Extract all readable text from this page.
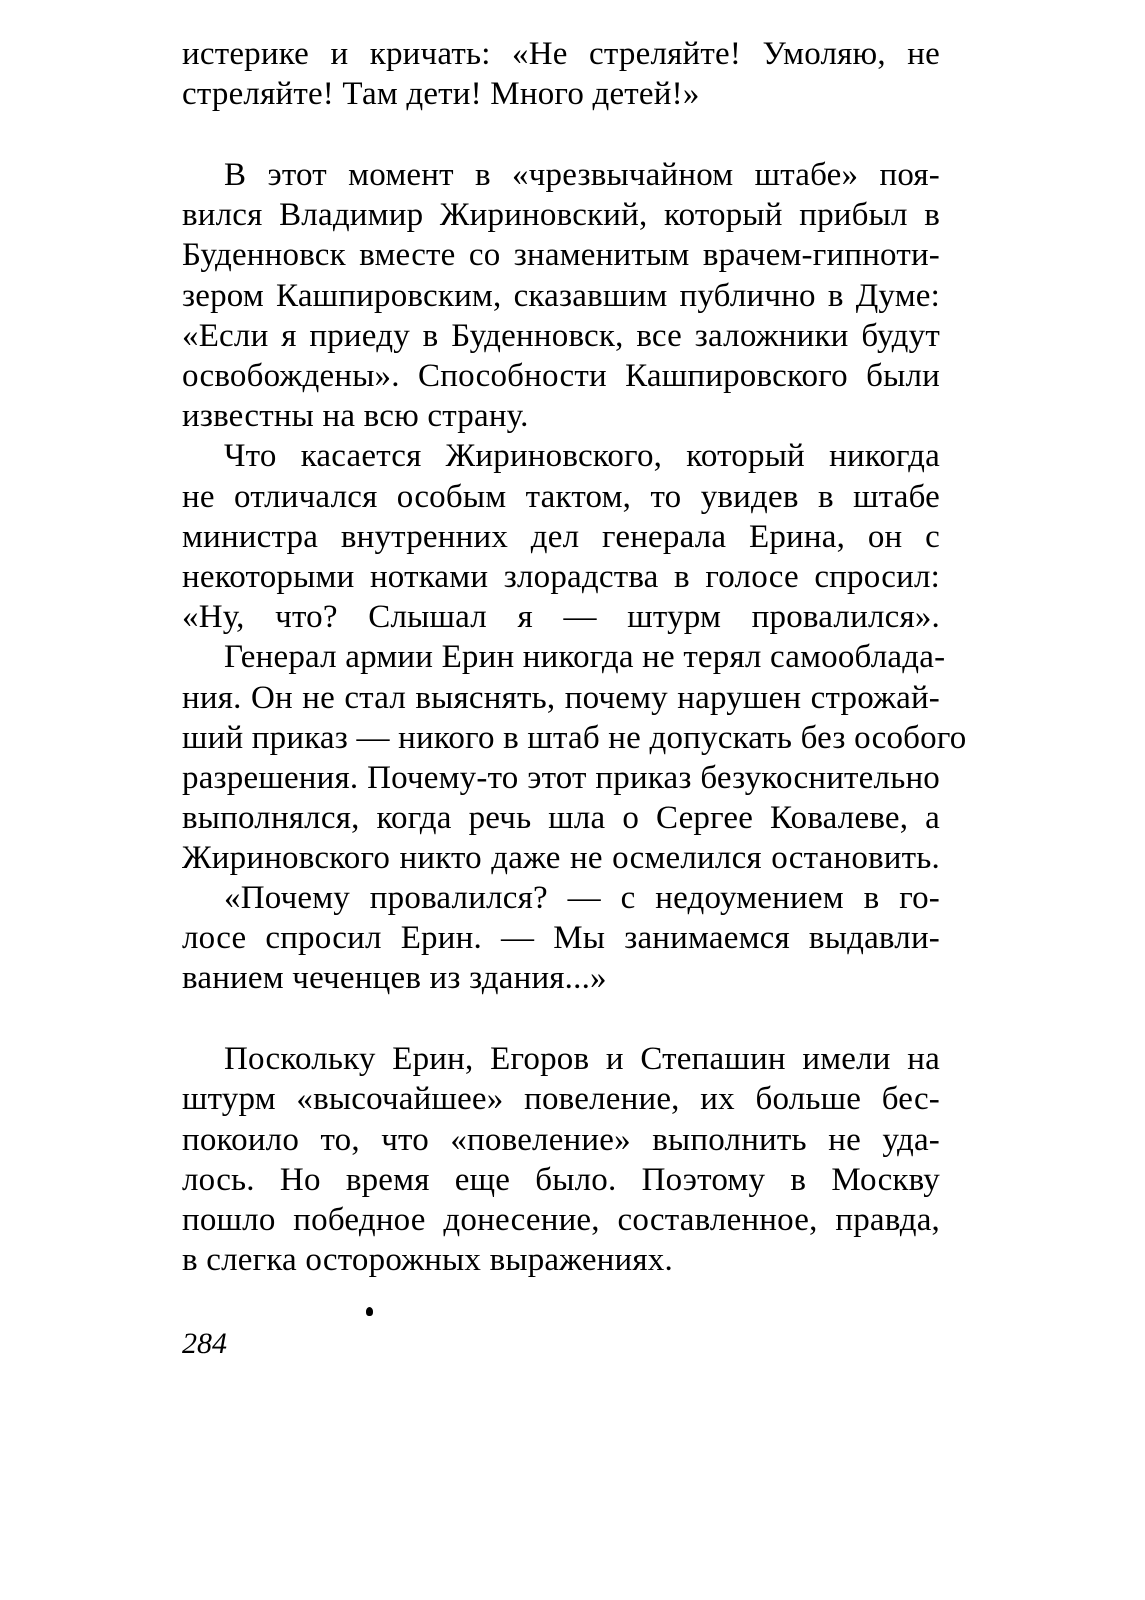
истерике и кричать: «Не стреляйте! Умоляю, не
стреляйте! Там дети! Много детей!»
В этот момент в «чрезвычайном штабе» поя-
вился Владимир Жириновский, который прибыл в
Буденновск вместе со знаменитым врачем-гипноти-
зером Кашпировским, сказавшим публично в Думе:
«Если я приеду в Буденновск, все заложники будут
освобождены». Способности Кашпировского были
известны на всю страну.
Что касается Жириновского, который никогда
не отличался особым тактом, то увидев в штабе
министра внутренних дел генерала Ерина, он с
некоторыми нотками злорадства в голосе спросил:
«Ну, что? Слышал я — штурм провалился».
Генерал армии Ерин никогда не терял самооблада-
ния. Он не стал выяснять, почему нарушен строжай-
ший приказ — никого в штаб не допускать без особого
разрешения. Почему-то этот приказ безукоснительно
выполнялся, когда речь шла о Сергее Ковалеве, а
Жириновского никто даже не осмелился остановить.
«Почему провалился? — с недоумением в го-
лосе спросил Ерин. — Мы занимаемся выдавли-
ванием чеченцев из здания...»
Поскольку Ерин, Егоров и Степашин имели на
штурм «высочайшее» повеление, их больше бес-
покоило то, что «повеление» выполнить не уда-
лось. Но время еще было. Поэтому в Москву
пошло победное донесение, составленное, правда,
в слегка осторожных выражениях.
284
